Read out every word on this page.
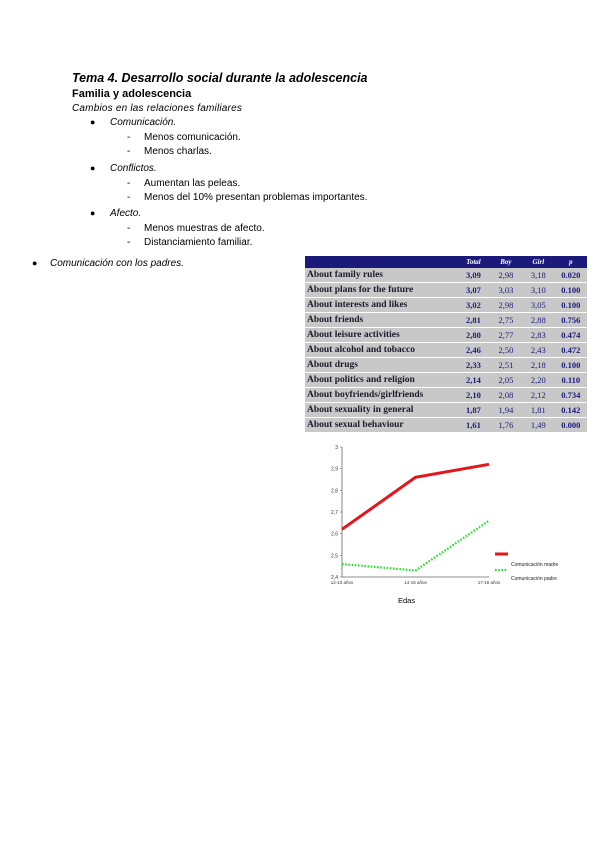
Tema 4. Desarrollo social durante la adolescencia
Familia y adolescencia
Cambios en las relaciones familiares
● Comunicación.
- Menos comunicación.
- Menos charlas.
● Conflictos.
- Aumentan las peleas.
- Menos del 10% presentan problemas importantes.
● Afecto.
- Menos muestras de afecto.
- Distanciamiento familiar.
● Comunicación con los padres.
		Total	Boy	Girl	p
About family rules	3,09	2,98	3,18	0.020
About plans for the future	3,07	3,03	3,10	0.100
About interests and likes	3,02	2,98	3,05	0.100
About friends	2,81	2,75	2,88	0.756
About leisure activities	2,80	2,77	2,83	0.474
About alcohol and tobacco	2,46	2,50	2,43	0.472
About drugs	2,33	2,51	2,18	0.100
About politics and religion	2,14	2,05	2,20	0.110
About boyfriends/girlfriends	2,10	2,08	2,12	0.734
About sexuality in general	1,87	1,94	1,81	0.142
About sexual behaviour	1,61	1,76	1,49	0.000
2,4
2,5
2,6
2,7
2,8
2,9
3
12-13 años	14-15 años	17-18 años
Comunicación madre
Comunicación padre
Edas
